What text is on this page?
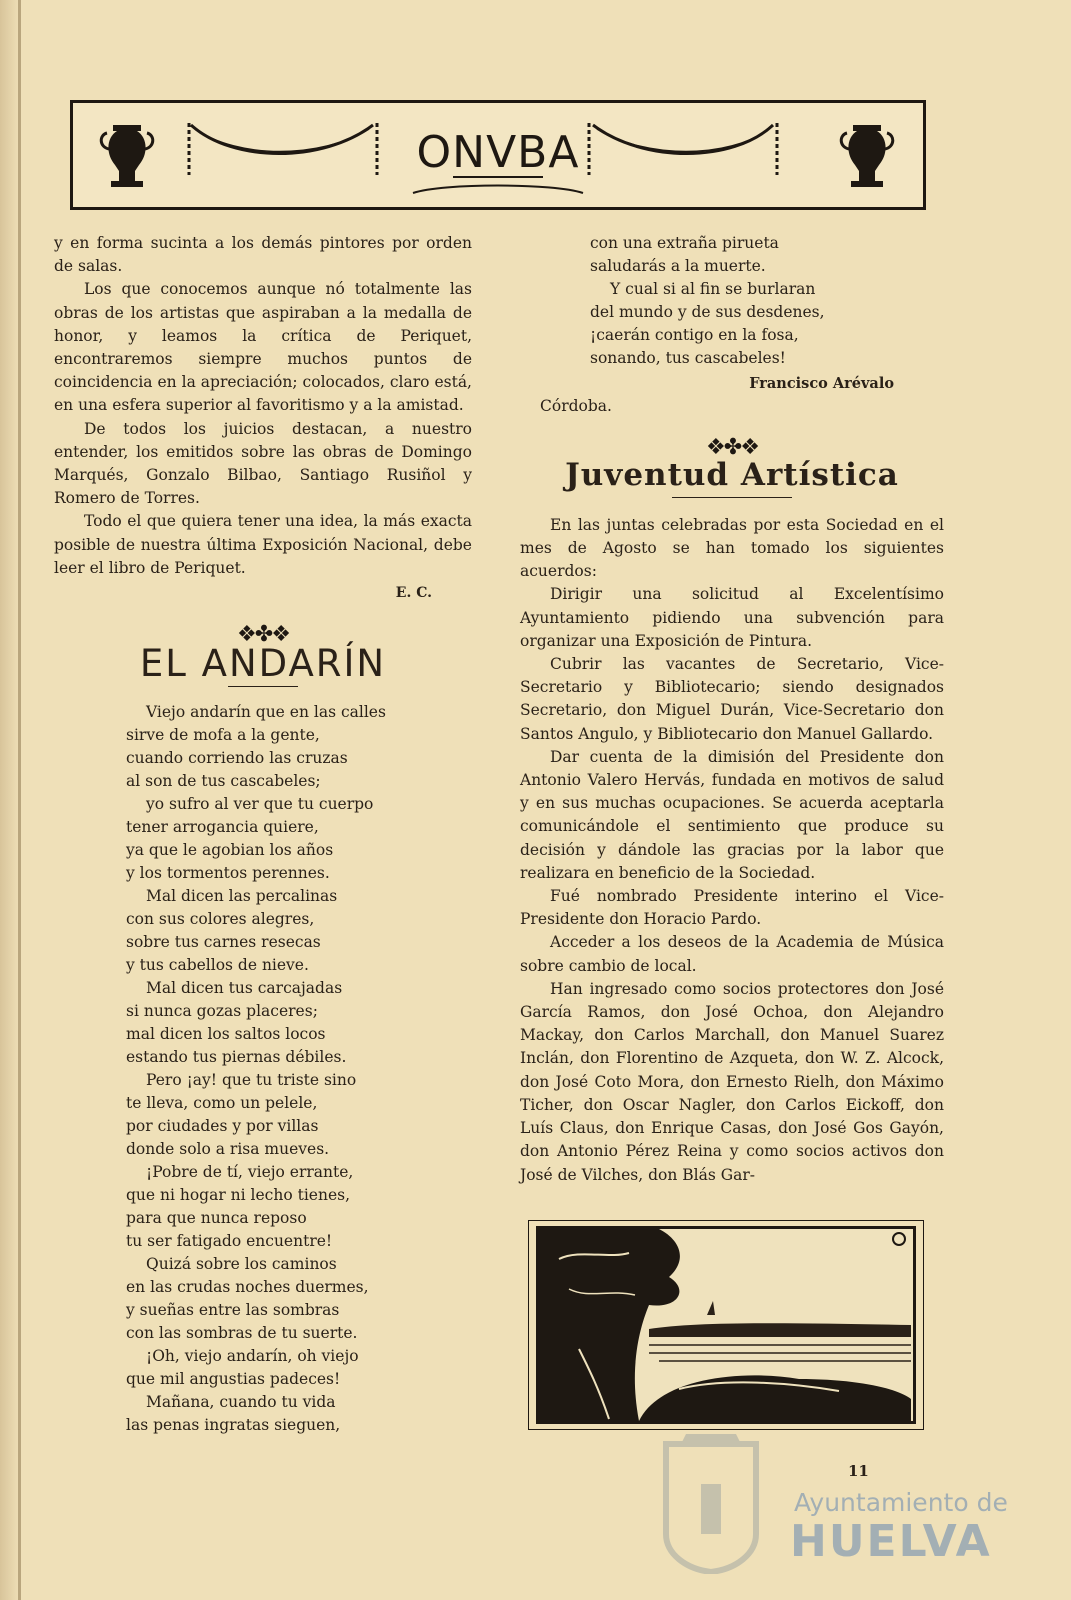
ONVBA

y en forma sucinta a los demás pintores por orden de salas.

Los que conocemos aunque nó totalmente las obras de los artistas que aspiraban a la medalla de honor, y leamos la crítica de Periquet, encontraremos siempre muchos puntos de coincidencia en la apreciación; colocados, claro está, en una esfera superior al favoritismo y a la amistad.

De todos los juicios destacan, a nuestro entender, los emitidos sobre las obras de Domingo Marqués, Gonzalo Bilbao, Santiago Rusiñol y Romero de Torres.

Todo el que quiera tener una idea, la más exacta posible de nuestra última Exposición Nacional, debe leer el libro de Periquet.

E. C.
❖✤❖
EL ANDARÍN
Viejo andarín que en las calles
sirve de mofa a la gente,
cuando corriendo las cruzas
al son de tus cascabeles;
yo sufro al ver que tu cuerpo
tener arrogancia quiere,
ya que le agobian los años
y los tormentos perennes.
Mal dicen las percalinas
con sus colores alegres,
sobre tus carnes resecas
y tus cabellos de nieve.
Mal dicen tus carcajadas
si nunca gozas placeres;
mal dicen los saltos locos
estando tus piernas débiles.
Pero ¡ay! que tu triste sino
te lleva, como un pelele,
por ciudades y por villas
donde solo a risa mueves.
¡Pobre de tí, viejo errante,
que ni hogar ni lecho tienes,
para que nunca reposo
tu ser fatigado encuentre!
Quizá sobre los caminos
en las crudas noches duermes,
y sueñas entre las sombras
con las sombras de tu suerte.
¡Oh, viejo andarín, oh viejo
que mil angustias padeces!
Mañana, cuando tu vida
las penas ingratas sieguen,
con una extraña pirueta
saludarás a la muerte.
Y cual si al fin se burlaran
del mundo y de sus desdenes,
¡caerán contigo en la fosa,
sonando, tus cascabeles!
Francisco Arévalo
Córdoba.
❖✤❖
Juventud Artística

En las juntas celebradas por esta Sociedad en el mes de Agosto se han tomado los siguientes acuerdos:

Dirigir una solicitud al Excelentísimo Ayuntamiento pidiendo una subvención para organizar una Exposición de Pintura.

Cubrir las vacantes de Secretario, Vice-Secretario y Bibliotecario; siendo designados Secretario, don Miguel Durán, Vice-Secretario don Santos Angulo, y Bibliotecario don Manuel Gallardo.

Dar cuenta de la dimisión del Presidente don Antonio Valero Hervás, fundada en motivos de salud y en sus muchas ocupaciones. Se acuerda aceptarla comunicándole el sentimiento que produce su decisión y dándole las gracias por la labor que realizara en beneficio de la Sociedad.

Fué nombrado Presidente interino el Vice-Presidente don Horacio Pardo.

Acceder a los deseos de la Academia de Música sobre cambio de local.

Han ingresado como socios protectores don José García Ramos, don José Ochoa, don Alejandro Mackay, don Carlos Marchall, don Manuel Suarez Inclán, don Florentino de Azqueta, don W. Z. Alcock, don José Coto Mora, don Ernesto Rielh, don Máximo Ticher, don Oscar Nagler, don Carlos Eickoff, don Luís Claus, don Enrique Casas, don José Gos Gayón, don Antonio Pérez Reina y como socios activos don José de Vilches, don Blás Gar-

11
Ayuntamiento de
HUELVA
